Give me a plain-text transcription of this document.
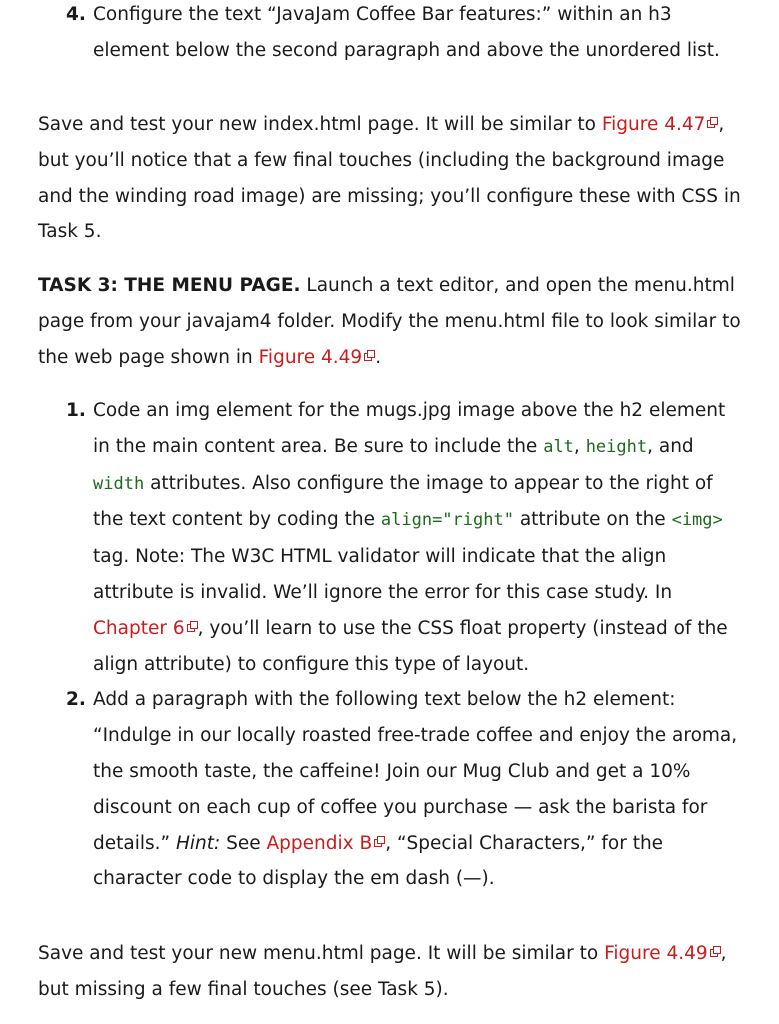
4. Configure the text “JavaJam Coffee Bar features:” within an h3 element below the second paragraph and above the unordered list.
Save and test your new index.html page. It will be similar to Figure 4.47 , but you’ll notice that a few final touches (including the background image and the winding road image) are missing; you’ll configure these with CSS in Task 5.
TASK 3: THE MENU PAGE. Launch a text editor, and open the menu.html page from your javajam4 folder. Modify the menu.html file to look similar to the web page shown in Figure 4.49 .
1. Code an img element for the mugs.jpg image above the h2 element in the main content area. Be sure to include the alt, height, and width attributes. Also configure the image to appear to the right of the text content by coding the align="right" attribute on the <img> tag. Note: The W3C HTML validator will indicate that the align attribute is invalid. We’ll ignore the error for this case study. In Chapter 6 , you’ll learn to use the CSS float property (instead of the align attribute) to configure this type of layout.
2. Add a paragraph with the following text below the h2 element: “Indulge in our locally roasted free-trade coffee and enjoy the aroma, the smooth taste, the caffeine! Join our Mug Club and get a 10% discount on each cup of coffee you purchase — ask the barista for details.” Hint: See Appendix B , “Special Characters,” for the character code to display the em dash (—).
Save and test your new menu.html page. It will be similar to Figure 4.49 , but missing a few final touches (see Task 5).
